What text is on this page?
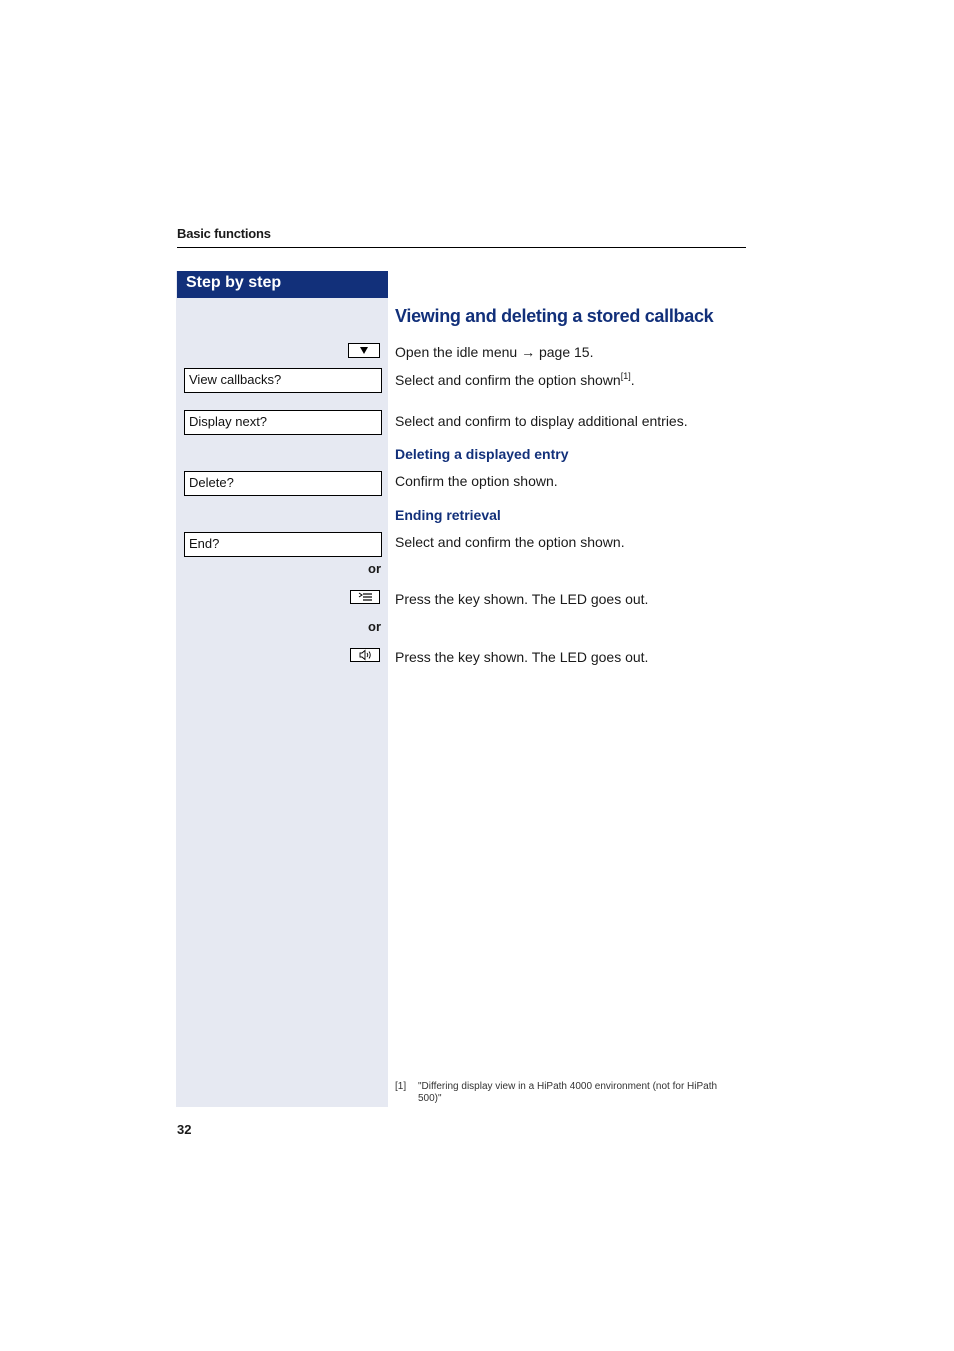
Basic functions
Step by step
Viewing and deleting a stored callback
Open the idle menu → page 15.
View callbacks?	Select and confirm the option shown[1].
Display next?	Select and confirm to display additional entries.
Deleting a displayed entry
Delete?	Confirm the option shown.
Ending retrieval
End?	Select and confirm the option shown.
or
Press the key shown. The LED goes out.
or
Press the key shown. The LED goes out.
[1] "Differing display view in a HiPath 4000 environment (not for HiPath 500)"
32
